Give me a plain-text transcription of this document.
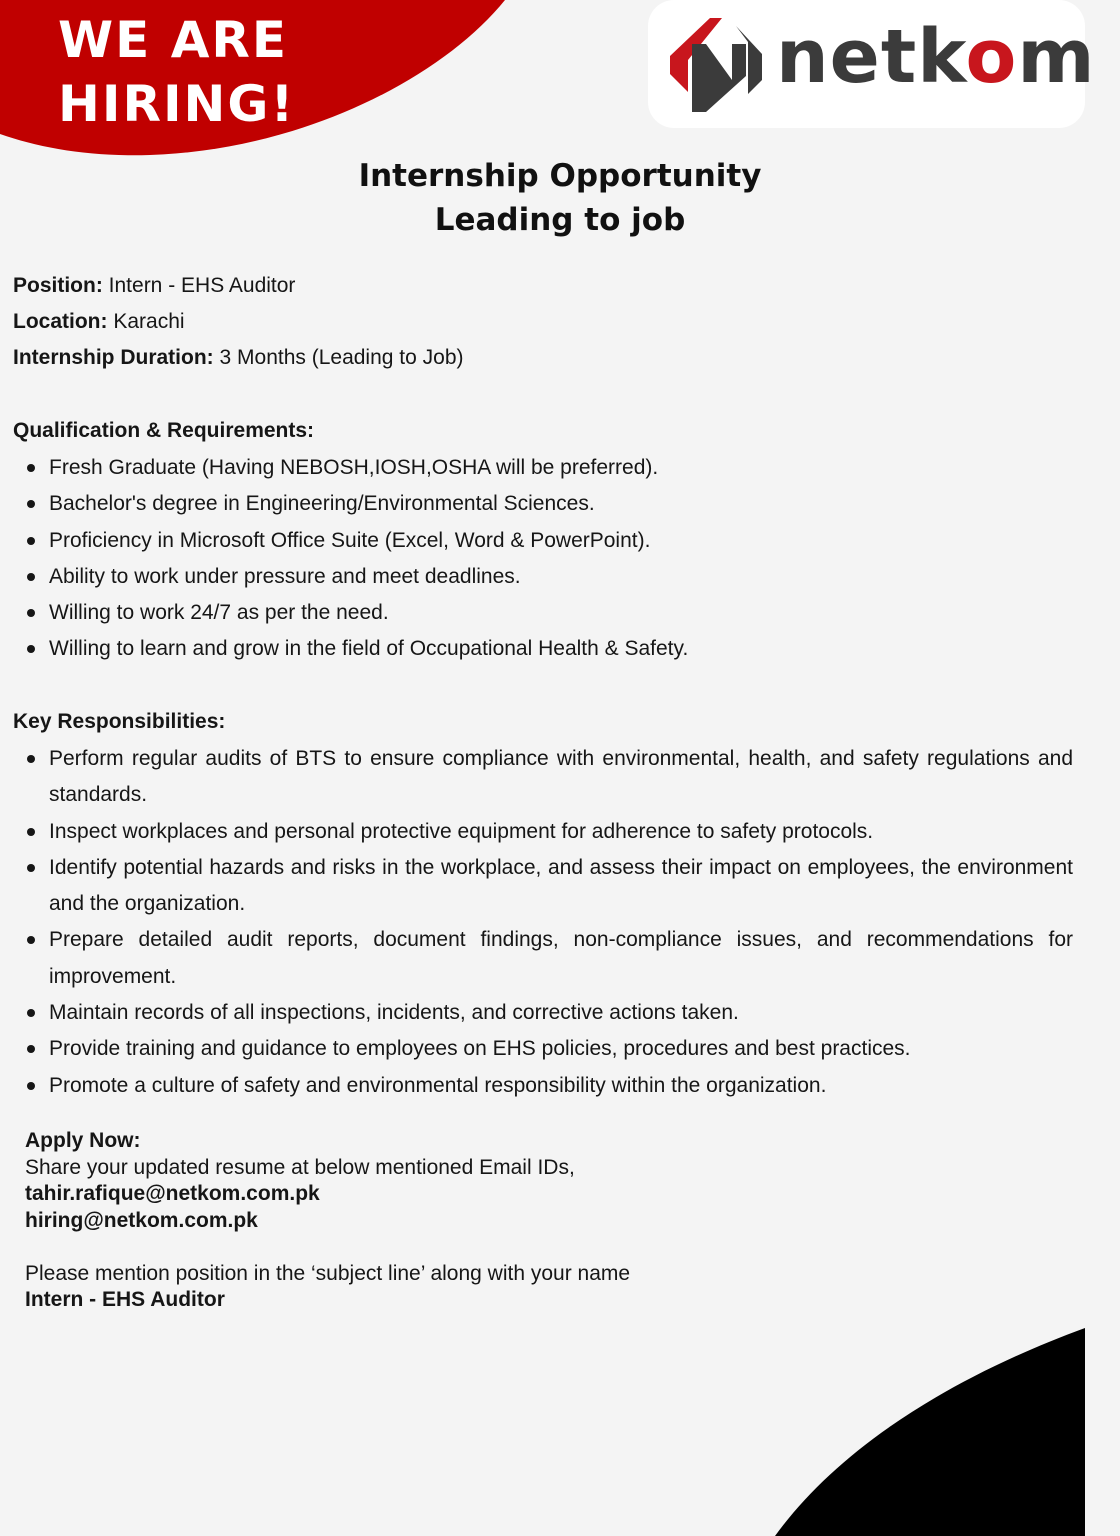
WE ARE
HIRING!
netkom
Internship Opportunity
Leading to job
Position: Intern - EHS Auditor
Location: Karachi
Internship Duration: 3 Months (Leading to Job)
Qualification & Requirements:
Fresh Graduate (Having NEBOSH,IOSH,OSHA will be preferred).
Bachelor's degree in Engineering/Environmental Sciences.
Proficiency in Microsoft Office Suite (Excel, Word & PowerPoint).
Ability to work under pressure and meet deadlines.
Willing to work 24/7 as per the need.
Willing to learn and grow in the field of Occupational Health & Safety.
Key Responsibilities:
Perform regular audits of BTS to ensure compliance with environmental, health, and safety regulations and standards.
Inspect workplaces and personal protective equipment for adherence to safety protocols.
Identify potential hazards and risks in the workplace, and assess their impact on employees, the environment and the organization.
Prepare detailed audit reports, document findings, non-compliance issues, and recommendations for improvement.
Maintain records of all inspections, incidents, and corrective actions taken.
Provide training and guidance to employees on EHS policies, procedures and best practices.
Promote a culture of safety and environmental responsibility within the organization.
Apply Now:
Share your updated resume at below mentioned Email IDs,
tahir.rafique@netkom.com.pk
hiring@netkom.com.pk
Please mention position in the ‘subject line’ along with your name
Intern - EHS Auditor
